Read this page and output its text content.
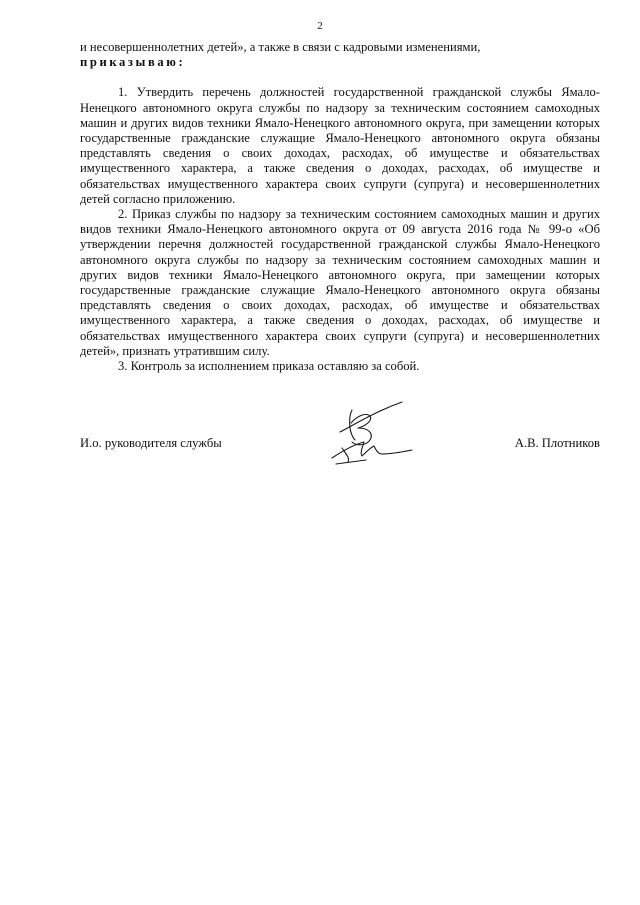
2

и несовершеннолетних детей», а также в связи с кадровыми изменениями,

приказываю:

1. Утвердить перечень должностей государственной гражданской службы Ямало-Ненецкого автономного округа службы по надзору за техническим состоянием самоходных машин и других видов техники Ямало-Ненецкого автономного округа, при замещении которых государственные гражданские служащие Ямало-Ненецкого автономного округа обязаны представлять сведения о своих доходах, расходах, об имуществе и обязательствах имущественного характера, а также сведения о доходах, расходах, об имуществе и обязательствах имущественного характера своих супруги (супруга) и несовершеннолетних детей согласно приложению.

2. Приказ службы по надзору за техническим состоянием самоходных машин и других видов техники Ямало-Ненецкого автономного округа от 09 августа 2016 года № 99-о «Об утверждении перечня должностей государственной гражданской службы Ямало-Ненецкого автономного округа службы по надзору за техническим состоянием самоходных машин и других видов техники Ямало-Ненецкого автономного округа, при замещении которых государственные гражданские служащие Ямало-Ненецкого автономного округа обязаны представлять сведения о своих доходах, расходах, об имуществе и обязательствах имущественного характера, а также сведения о доходах, расходах, об имуществе и обязательствах имущественного характера своих супруги (супруга) и несовершеннолетних детей», признать утратившим силу.

3. Контроль за исполнением приказа оставляю за собой.

И.о. руководителя службы	А.В. Плотников
